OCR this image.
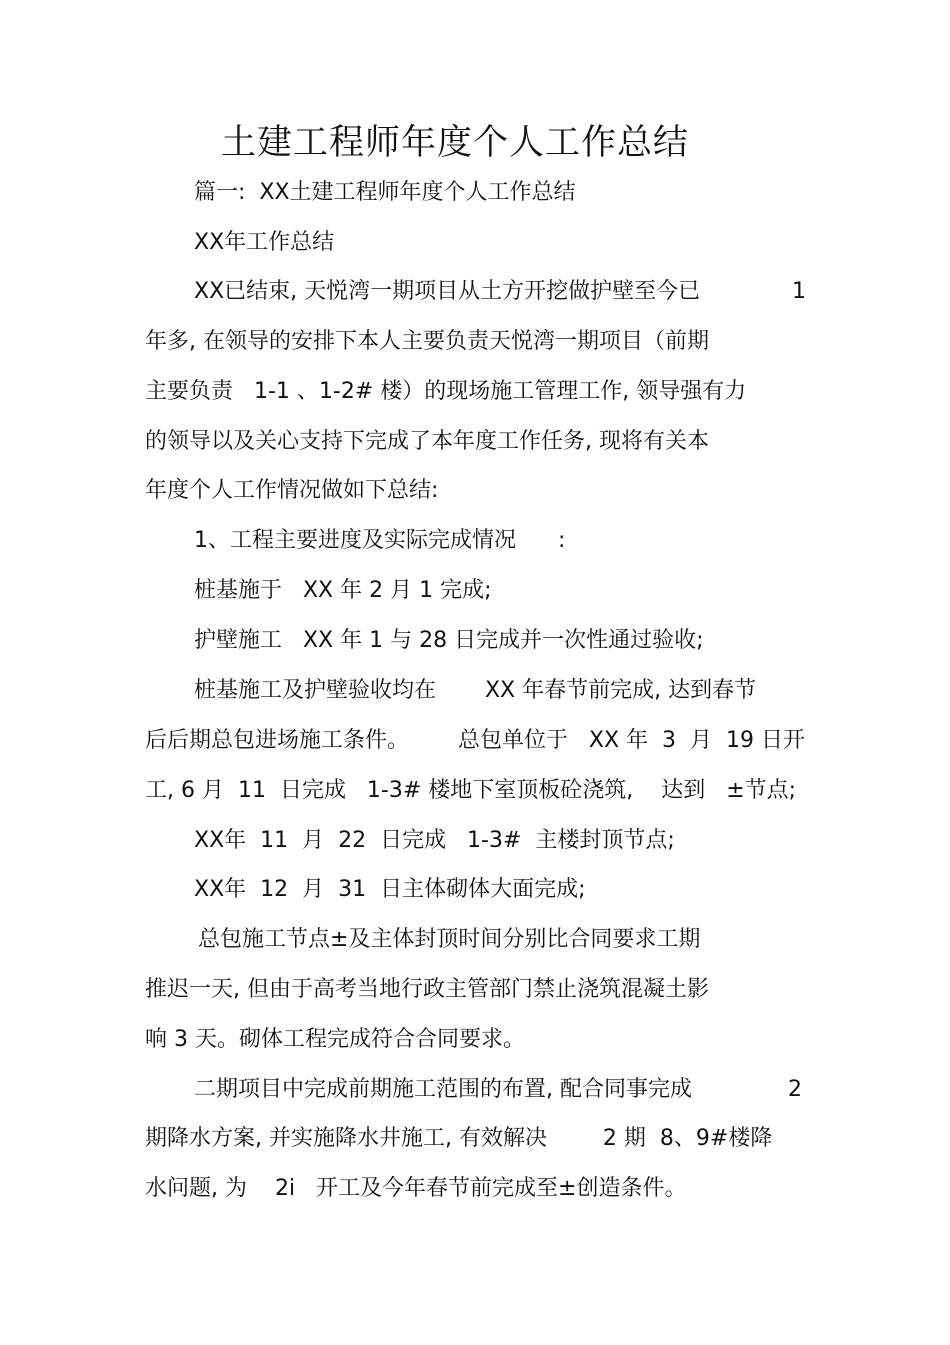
土建工程师年度个人工作总结

篇一:  XX土建工程师年度个人工作总结

XX年工作总结

XX已结束, 天悦湾一期项目从土方开挖做护壁至今已	1

年多, 在领导的安排下本人主要负责天悦湾一期项目（前期

主要负责   1-1 、1-2# 楼）的现场施工管理工作, 领导强有力

的领导以及关心支持下完成了本年度工作任务, 现将有关本

年度个人工作情况做如下总结:

1、工程主要进度及实际完成情况      :

桩基施于   XX 年 2 月 1 完成;

护壁施工   XX 年 1 与 28 日完成并一次性通过验收;

桩基施工及护壁验收均在       XX 年春节前完成, 达到春节

后后期总包进场施工条件。       总包单位于   XX 年  3  月  19 日开

工, 6 月  11  日完成   1-3# 楼地下室顶板砼浇筑,    达到   ±节点;

XX年  11  月  22  日完成   1-3#  主楼封顶节点;

XX年  12  月  31  日主体砌体大面完成;

总包施工节点±及主体封顶时间分别比合同要求工期

推迟一天, 但由于高考当地行政主管部门禁止浇筑混凝土影

响 3 天。砌体工程完成符合合同要求。

二期项目中完成前期施工范围的布置, 配合同事完成	2

期降水方案, 并实施降水井施工, 有效解决        2 期  8、9#楼降

水问题, 为    2i   开工及今年春节前完成至±创造条件。
